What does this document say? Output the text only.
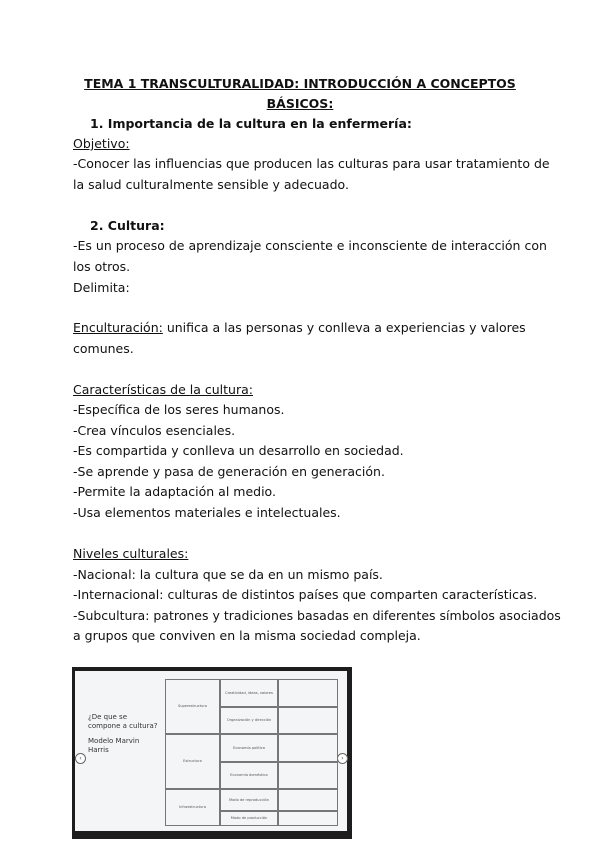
TEMA 1 TRANSCULTURALIDAD: INTRODUCCIÓN A CONCEPTOS
BÁSICOS:
1. Importancia de la cultura en la enfermería:
Objetivo:
-Conocer las influencias que producen las culturas para usar tratamiento de
la salud culturalmente sensible y adecuado.
2. Cultura:
-Es un proceso de aprendizaje consciente e inconsciente de interacción con
los otros.
Delimita:
Enculturación: unifica a las personas y conlleva a experiencias y valores
comunes.
Características de la cultura:
-Específica de los seres humanos.
-Crea vínculos esenciales.
-Es compartida y conlleva un desarrollo en sociedad.
-Se aprende y pasa de generación en generación.
-Permite la adaptación al medio.
-Usa elementos materiales e intelectuales.
Niveles culturales:
-Nacional: la cultura que se da en un mismo país.
-Internacional: culturas de distintos países que comparten características.
-Subcultura: patrones y tradiciones basadas en diferentes símbolos asociados
a grupos que conviven en la misma sociedad compleja.
¿De que se compone a cultura?
Modelo Marvin Harris
‹	›
Superestructura
Estructura
Infraestructura
Creatividad, ideas, valores
Organización y dirección
Economía política
Economía doméstica
Modo de reproducción
Modo de producción
